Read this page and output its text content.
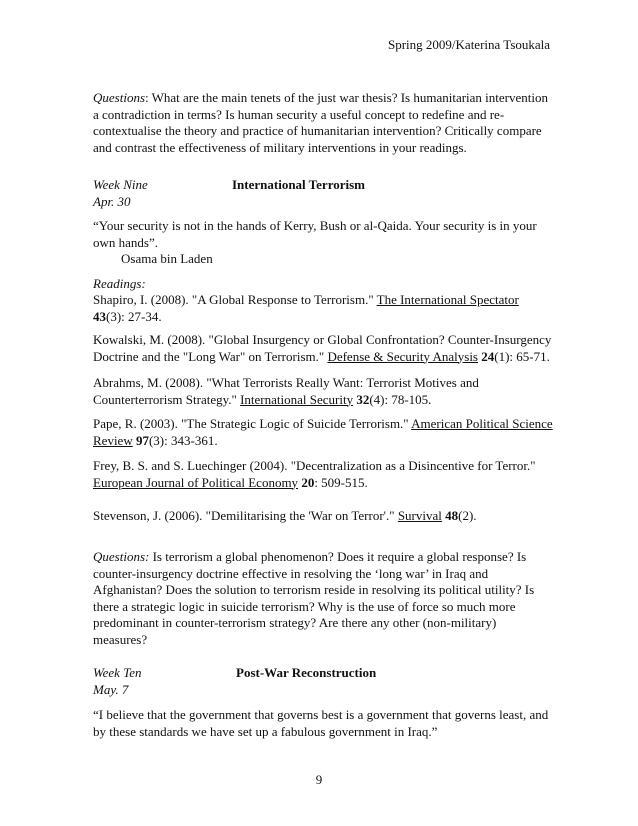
Spring 2009/Katerina Tsoukala

Questions: What are the main tenets of the just war thesis? Is humanitarian intervention a contradiction in terms? Is human security a useful concept to redefine and re-contextualise the theory and practice of humanitarian intervention? Critically compare and contrast the effectiveness of military interventions in your readings.

Week Nine
Apr. 30
International Terrorism
“Your security is not in the hands of Kerry, Bush or al-Qaida. Your security is in your own hands”.
Osama bin Laden
Readings:

Shapiro, I. (2008). "A Global Response to Terrorism." The International Spectator 43(3): 27-34.

Kowalski, M. (2008). "Global Insurgency or Global Confrontation? Counter-Insurgency Doctrine and the "Long War" on Terrorism." Defense & Security Analysis 24(1): 65-71.

Abrahms, M. (2008). "What Terrorists Really Want: Terrorist Motives and Counterterrorism Strategy." International Security 32(4): 78-105.

Pape, R. (2003). "The Strategic Logic of Suicide Terrorism." American Political Science Review 97(3): 343-361.

Frey, B. S. and S. Luechinger (2004). "Decentralization as a Disincentive for Terror." European Journal of Political Economy 20: 509-515.

Stevenson, J. (2006). "Demilitarising the 'War on Terror'." Survival 48(2).

Questions: Is terrorism a global phenomenon? Does it require a global response? Is counter-insurgency doctrine effective in resolving the ‘long war’ in Iraq and Afghanistan? Does the solution to terrorism reside in resolving its political utility? Is there a strategic logic in suicide terrorism? Why is the use of force so much more predominant in counter-terrorism strategy? Are there any other (non-military) measures?

Week Ten
May. 7
Post-War Reconstruction
“I believe that the government that governs best is a government that governs least, and by these standards we have set up a fabulous government in Iraq.”
9
